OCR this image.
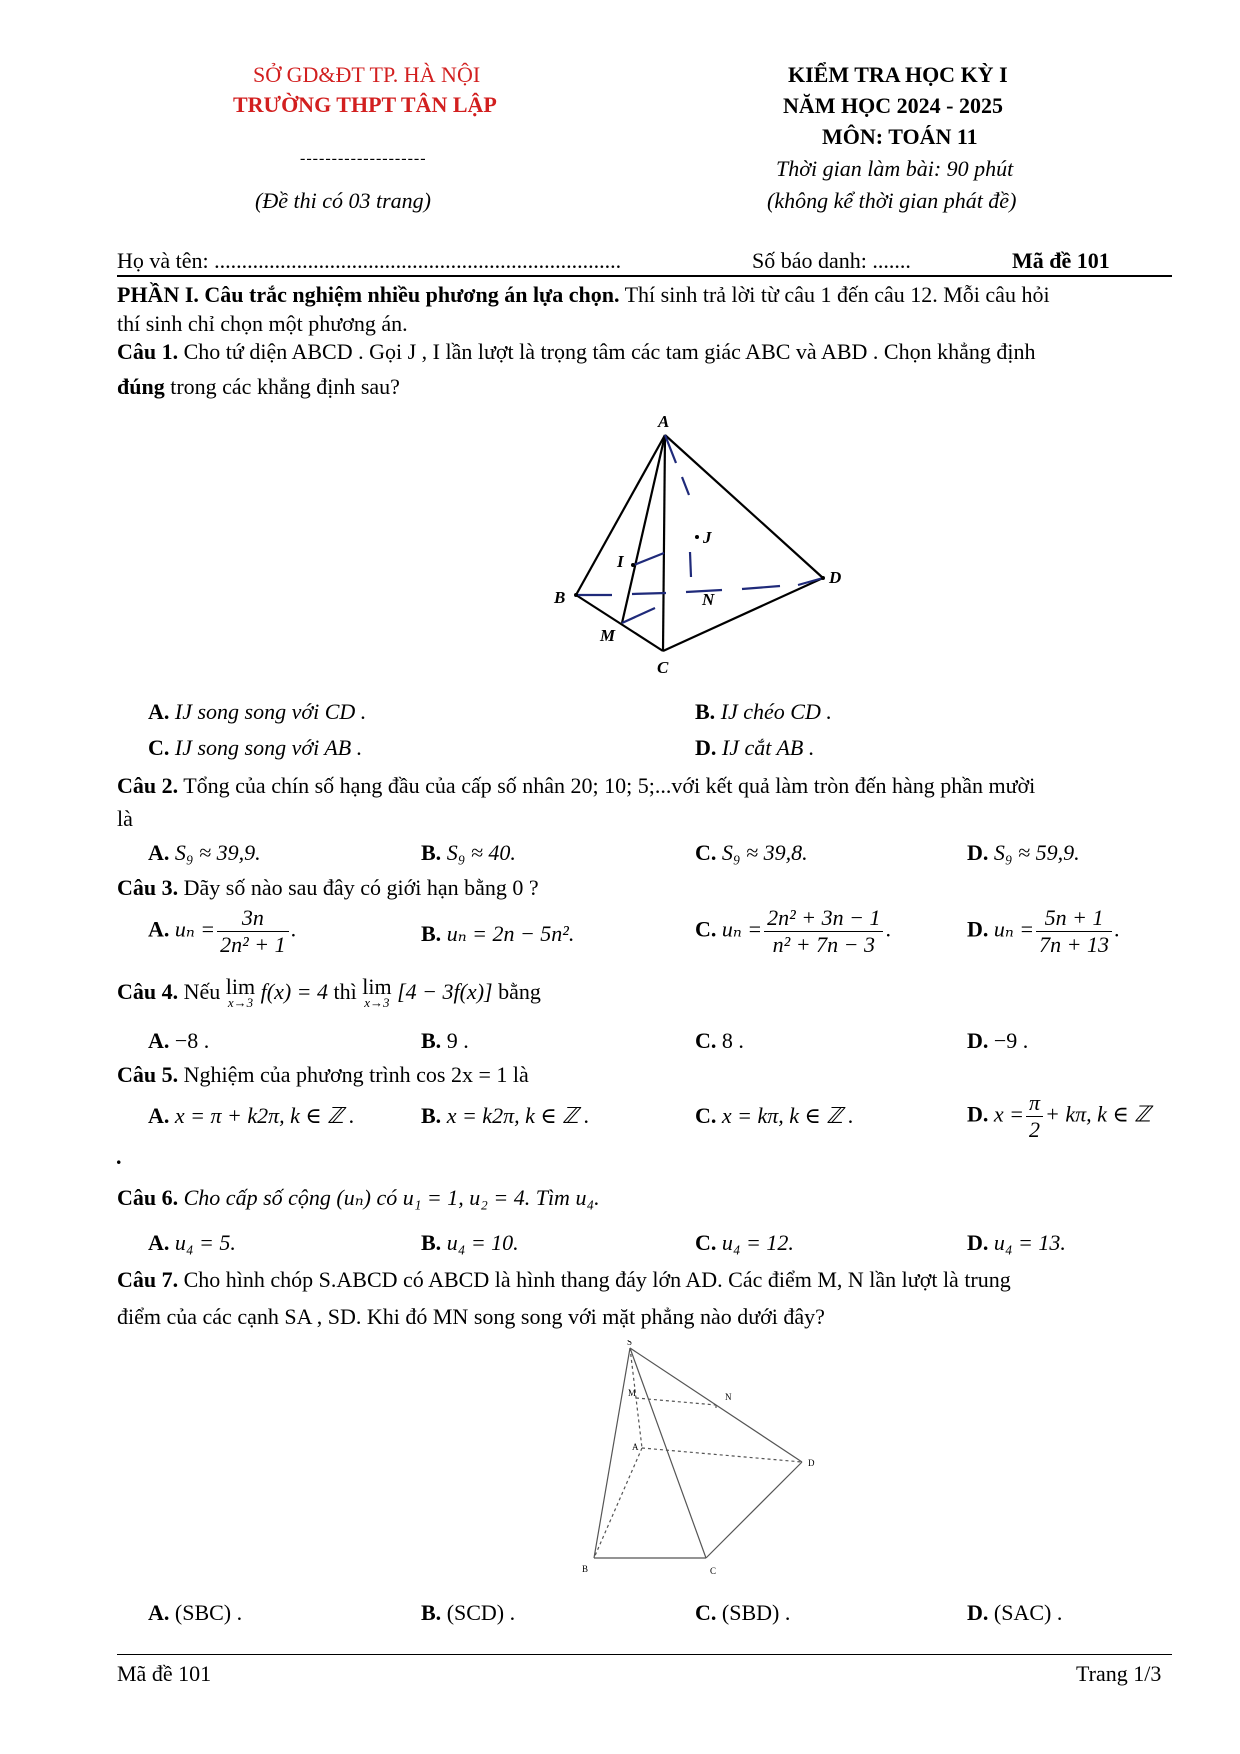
SỞ GD&ĐT TP. HÀ NỘI
TRƯỜNG THPT TÂN LẬP
--------------------
(Đề thi có 03 trang)
KIỂM TRA HỌC KỲ I
NĂM HỌC 2024 - 2025
MÔN: TOÁN 11
Thời gian làm bài: 90 phút
(không kể thời gian phát đề)
Họ và tên: ..........................................................................	Số báo danh: .......	Mã đề 101
PHẦN I. Câu trắc nghiệm nhiều phương án lựa chọn. Thí sinh trả lời từ câu 1 đến câu 12. Mỗi câu hỏi
thí sinh chỉ chọn một phương án.
Câu 1. Cho tứ diện ABCD . Gọi J , I lần lượt là trọng tâm các tam giác ABC và ABD . Chọn khẳng định
đúng trong các khẳng định sau?
A
B
C
D
I
J
M
N
A. IJ song song với CD .	B. IJ chéo CD .
C. IJ song song với AB .	D. IJ cắt AB .
Câu 2. Tổng của chín số hạng đầu của cấp số nhân 20; 10; 5;...với kết quả làm tròn đến hàng phần mười
là
A. S₉ ≈ 39,9.	B. S₉ ≈ 40.	C. S₉ ≈ 39,8.	D. S₉ ≈ 59,9.
Câu 3. Dãy số nào sau đây có giới hạn bằng 0 ?
A. $u_n = \frac{3n}{\text{2n² + 1}}$ .	B. uₙ = 2n − 5n².	C. $u_n = \frac{\text{2n² + 3n − 1}}{\text{n² + 7n − 3}}$ .	D. $u_n = \frac{5n + 1}{7n + 13}$ .
Câu 4. Nếu lim
x→3 f(x) = 4 thì lim
x→3 [4 − 3f(x)] bằng
A. −8 .	B. 9 .	C. 8 .	D. −9 .
Câu 5. Nghiệm của phương trình cos 2x = 1 là
A. x = π + k2π, k ∈ ℤ .	B. x = k2π, k ∈ ℤ .	C. x = kπ, k ∈ ℤ .	D. $x = \frac{\pi}{2} + k\pi$, k ∈ ℤ
.
Câu 6. Cho cấp số cộng (uₙ) có u₁ = 1, u₂ = 4. Tìm u₄.
A. u₄ = 5.	B. u₄ = 10.	C. u₄ = 12.	D. u₄ = 13.
Câu 7. Cho hình chóp S.ABCD có ABCD là hình thang đáy lớn AD. Các điểm M, N lần lượt là trung
điểm của các cạnh SA , SD. Khi đó MN song song với mặt phẳng nào dưới đây?
S
M	N
A
B	C
D
A. (SBC) .	B. (SCD) .	C. (SBD) .	D. (SAC) .
Mã đề 101	Trang 1/3
